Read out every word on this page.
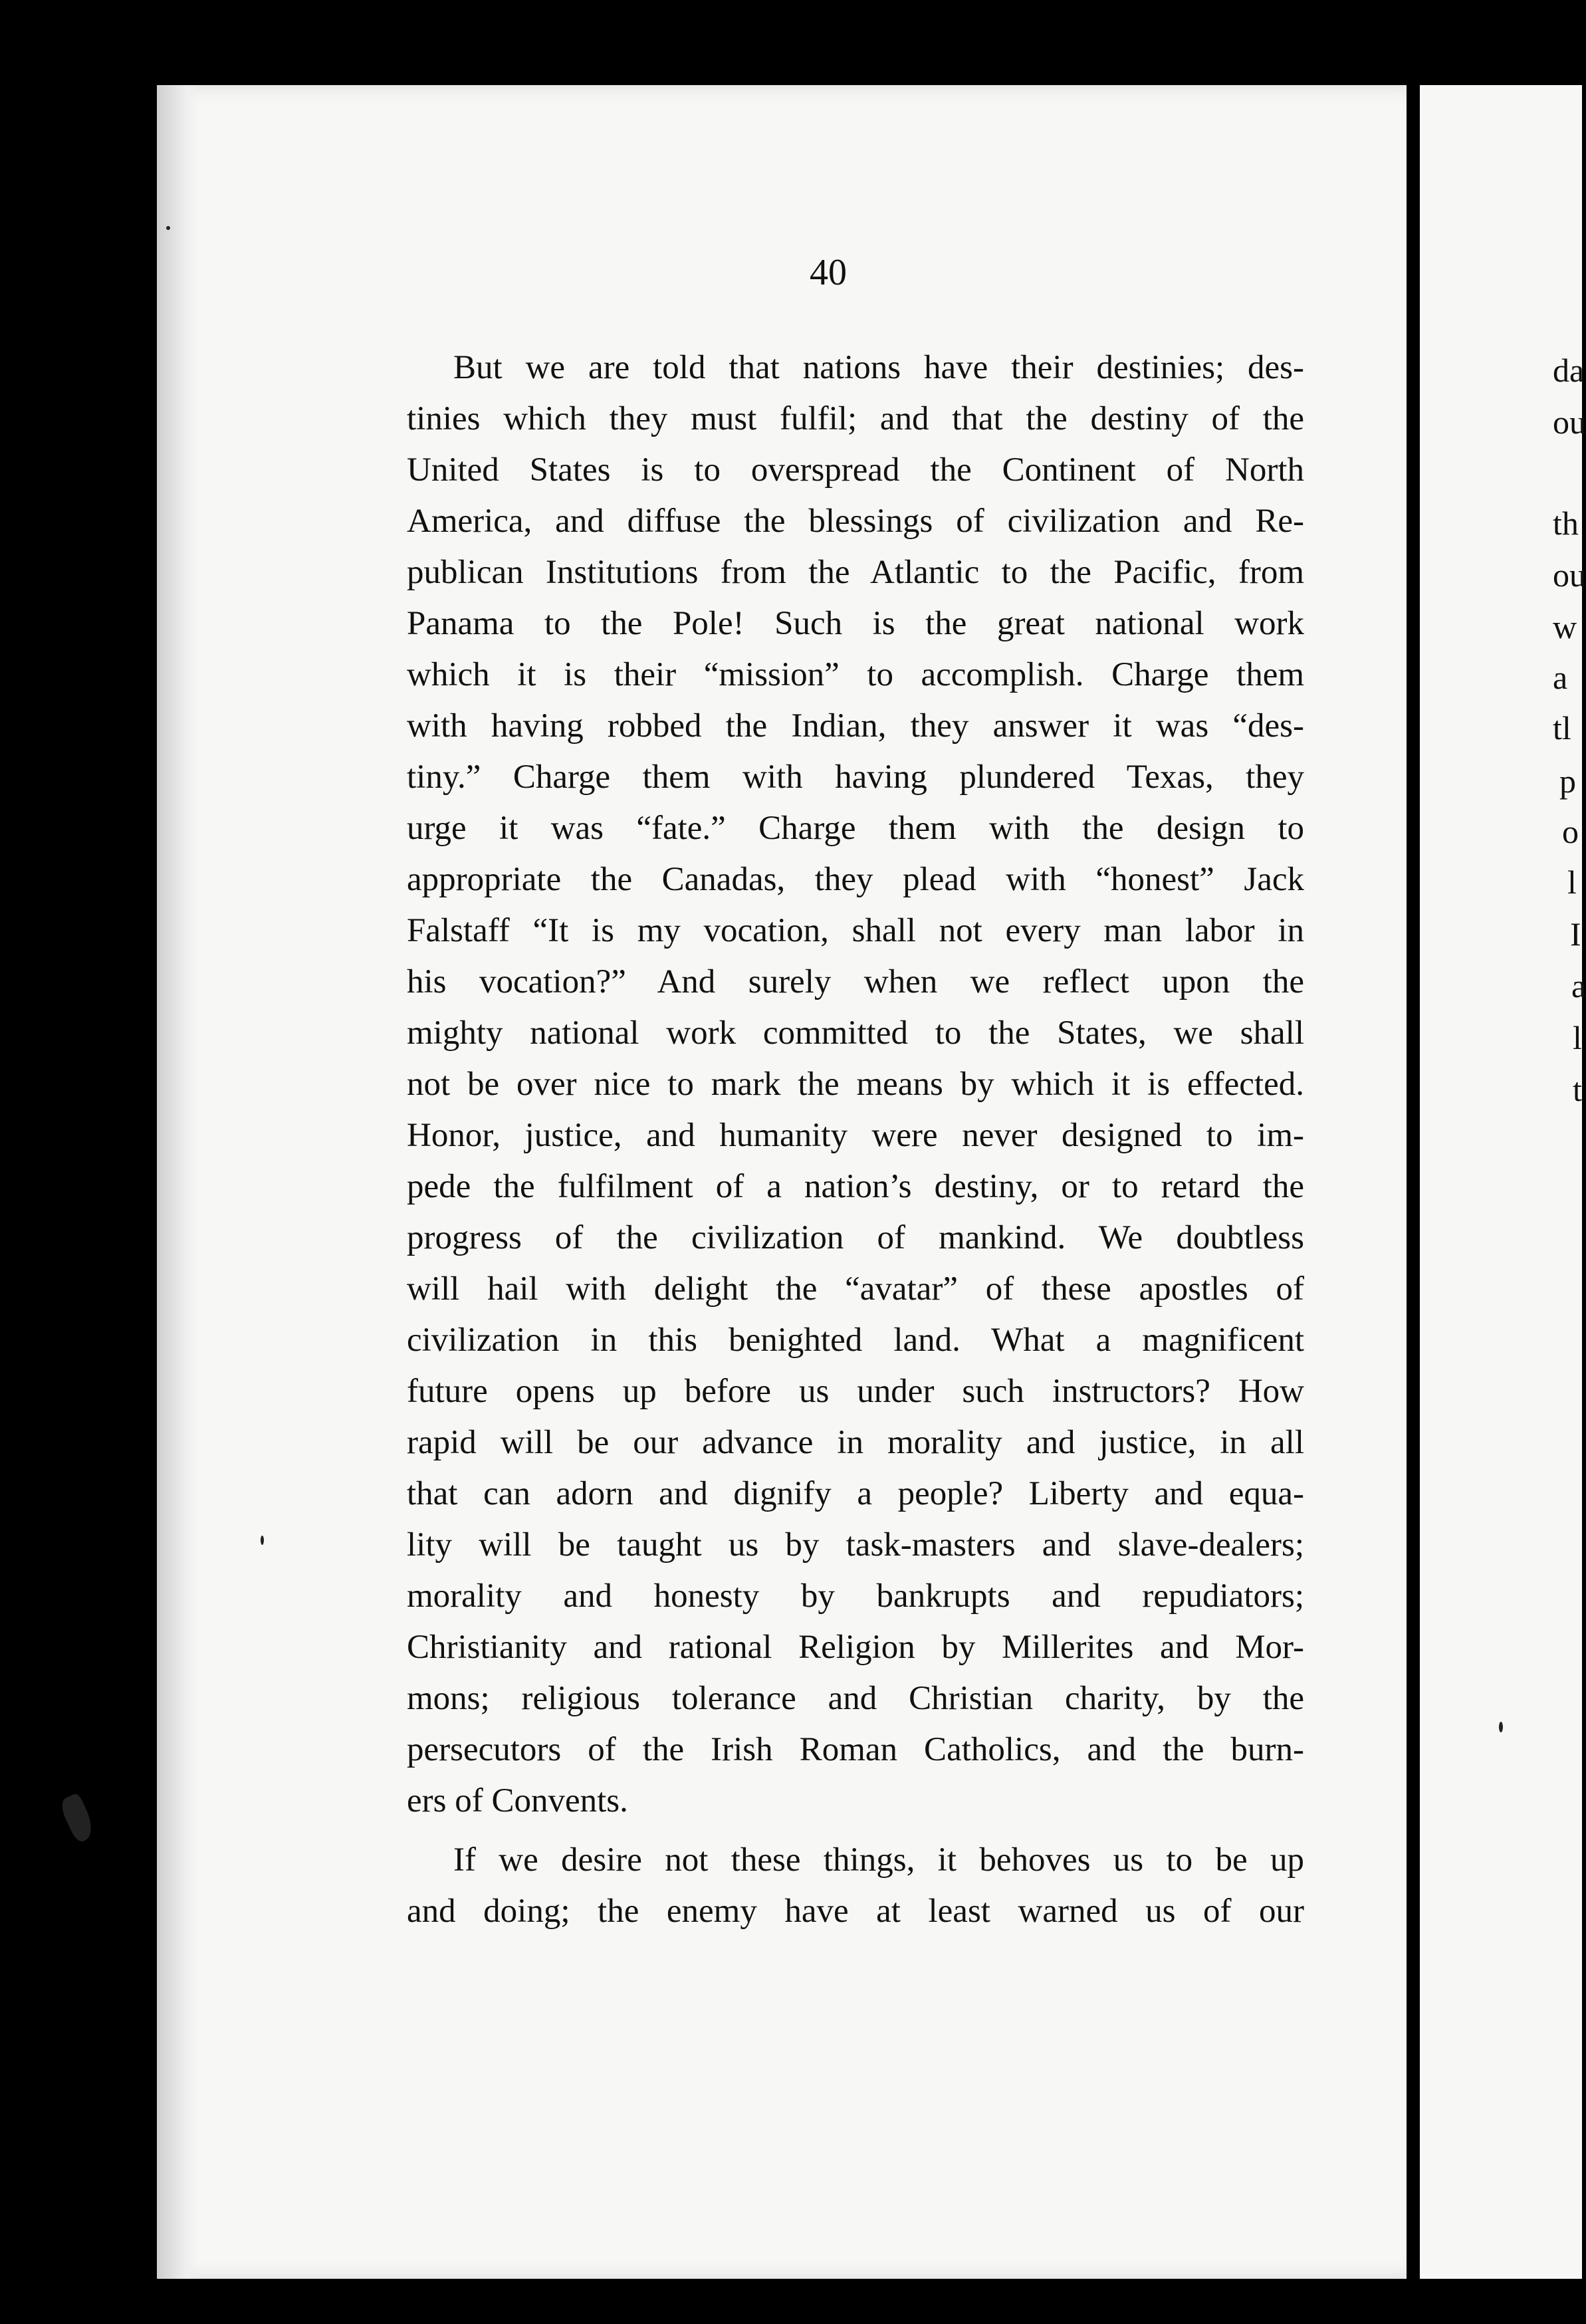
da
ou
th
ou
w
a
tl
p
o
l
I
a
l
t
40
But we are told that nations have their destinies; des-
tinies which they must fulfil; and that the destiny of the
United States is to overspread the Continent of North
America, and diffuse the blessings of civilization and Re-
publican Institutions from the Atlantic to the Pacific, from
Panama to the Pole! Such is the great national work
which it is their “mission” to accomplish. Charge them
with having robbed the Indian, they answer it was “des-
tiny.” Charge them with having plundered Texas, they
urge it was “fate.” Charge them with the design to
appropriate the Canadas, they plead with “honest” Jack
Falstaff “It is my vocation, shall not every man labor in
his vocation?” And surely when we reflect upon the
mighty national work committed to the States, we shall
not be over nice to mark the means by which it is effected.
Honor, justice, and humanity were never designed to im-
pede the fulfilment of a nation’s destiny, or to retard the
progress of the civilization of mankind. We doubtless
will hail with delight the “avatar” of these apostles of
civilization in this benighted land. What a magnificent
future opens up before us under such instructors? How
rapid will be our advance in morality and justice, in all
that can adorn and dignify a people? Liberty and equa-
lity will be taught us by task-masters and slave-dealers;
morality and honesty by bankrupts and repudiators;
Christianity and rational Religion by Millerites and Mor-
mons; religious tolerance and Christian charity, by the
persecutors of the Irish Roman Catholics, and the burn-
ers of Convents.
If we desire not these things, it behoves us to be up
and doing; the enemy have at least warned us of our
